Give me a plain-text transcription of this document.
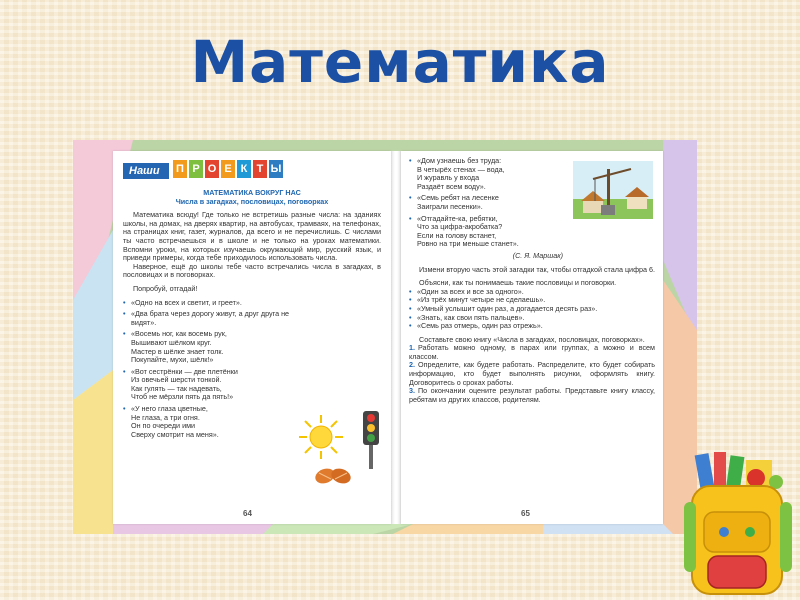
Математика
Наши	П Р О Е К Т Ы

МАТЕМАТИКА ВОКРУГ НАС

Числа в загадках, пословицах, поговорках

Математика всюду! Где только не встретишь разные числа: на зданиях школы, на домах, на дверях квартир, на автобусах, трамваях, на телефонах, на страницах книг, газет, журналов, да всего и не перечислишь. С числами ты часто встречаешься и в школе и не только на уроках математики. Вспомни уроки, на которых изучаешь окружающий мир, русский язык, и приведи примеры, когда тебе приходилось использовать числа.

Наверное, ещё до школы тебе часто встречались числа в загадках, в пословицах и в поговорках.

Попробуй, отгадай!

• «Одно на всех и светит, и греет».

• «Два брата через дорогу живут, а друг друга не видят».

• «Восемь ног, как восемь рук,

Вышивают шёлком круг.

Мастер в шёлке знает толк.

Покупайте, мухи, шёлк!»

• «Вот сестрёнки — две плетёнки

Из овечьей шерсти тонкой.

Как гулять — так надевать,

Чтоб не мёрзли пять да пять!»

• «У него глаза цветные,

Не глаза, а три огня.

Он по очереди ими

Сверху смотрит на меня».

64

• «Дом узнаешь без труда:

В четырёх стенах — вода,

И журавль у входа

Раздаёт всем воду».

• «Семь ребят на лесенке

Заиграли песенки».

• «Отгадайте-ка, ребятки,

Что за цифра-акробатка?

Если на голову встанет,

Ровно на три меньше станет».

(С. Я. Маршак)

Измени вторую часть этой загадки так, чтобы отгадкой стала цифра 6.

Объясни, как ты понимаешь такие пословицы и поговорки.

• «Один за всех и все за одного».

• «Из трёх минут четыре не сделаешь».

• «Умный услышит один раз, а догадается десять раз».

• «Знать, как свои пять пальцев».

• «Семь раз отмерь, один раз отрежь».

Составьте свою книгу «Числа в загадках, пословицах, поговорках».

1. Работать можно одному, в парах или группах, а можно и всем классом.

2. Определите, как будете работать. Распределите, кто будет собирать информацию, кто будет выполнять рисунки, оформлять книгу. Договоритесь о сроках работы.

3. По окончании оцените результат работы. Представьте книгу классу, ребятам из других классов, родителям.

65
